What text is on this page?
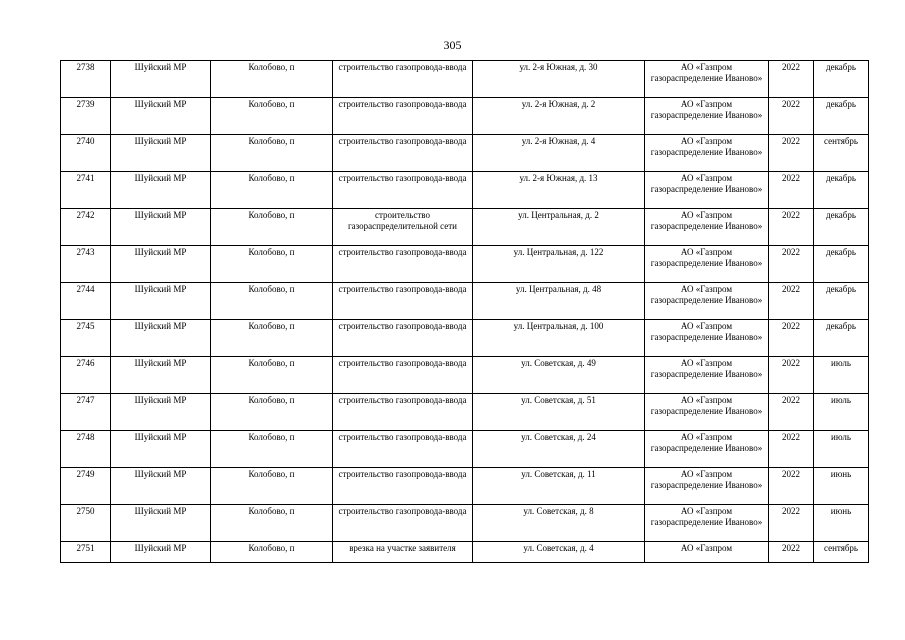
305
2738	Шуйский МР	Колобово, п	строительство газопровода-ввода	ул. 2-я Южная, д. 30	АО «Газпром газораспределение Иваново»	2022	декабрь
2739	Шуйский МР	Колобово, п	строительство газопровода-ввода	ул. 2-я Южная, д. 2	АО «Газпром газораспределение Иваново»	2022	декабрь
2740	Шуйский МР	Колобово, п	строительство газопровода-ввода	ул. 2-я Южная, д. 4	АО «Газпром газораспределение Иваново»	2022	сентябрь
2741	Шуйский МР	Колобово, п	строительство газопровода-ввода	ул. 2-я Южная, д. 13	АО «Газпром газораспределение Иваново»	2022	декабрь
2742	Шуйский МР	Колобово, п	строительство газораспределительной сети	ул. Центральная, д. 2	АО «Газпром газораспределение Иваново»	2022	декабрь
2743	Шуйский МР	Колобово, п	строительство газопровода-ввода	ул. Центральная, д. 122	АО «Газпром газораспределение Иваново»	2022	декабрь
2744	Шуйский МР	Колобово, п	строительство газопровода-ввода	ул. Центральная, д. 48	АО «Газпром газораспределение Иваново»	2022	декабрь
2745	Шуйский МР	Колобово, п	строительство газопровода-ввода	ул. Центральная, д. 100	АО «Газпром газораспределение Иваново»	2022	декабрь
2746	Шуйский МР	Колобово, п	строительство газопровода-ввода	ул. Советская, д. 49	АО «Газпром газораспределение Иваново»	2022	июль
2747	Шуйский МР	Колобово, п	строительство газопровода-ввода	ул. Советская, д. 51	АО «Газпром газораспределение Иваново»	2022	июль
2748	Шуйский МР	Колобово, п	строительство газопровода-ввода	ул. Советская, д. 24	АО «Газпром газораспределение Иваново»	2022	июль
2749	Шуйский МР	Колобово, п	строительство газопровода-ввода	ул. Советская, д. 11	АО «Газпром газораспределение Иваново»	2022	июнь
2750	Шуйский МР	Колобово, п	строительство газопровода-ввода	ул. Советская, д. 8	АО «Газпром газораспределение Иваново»	2022	июнь
2751	Шуйский МР	Колобово, п	врезка на участке заявителя	ул. Советская, д. 4	АО «Газпром	2022	сентябрь
